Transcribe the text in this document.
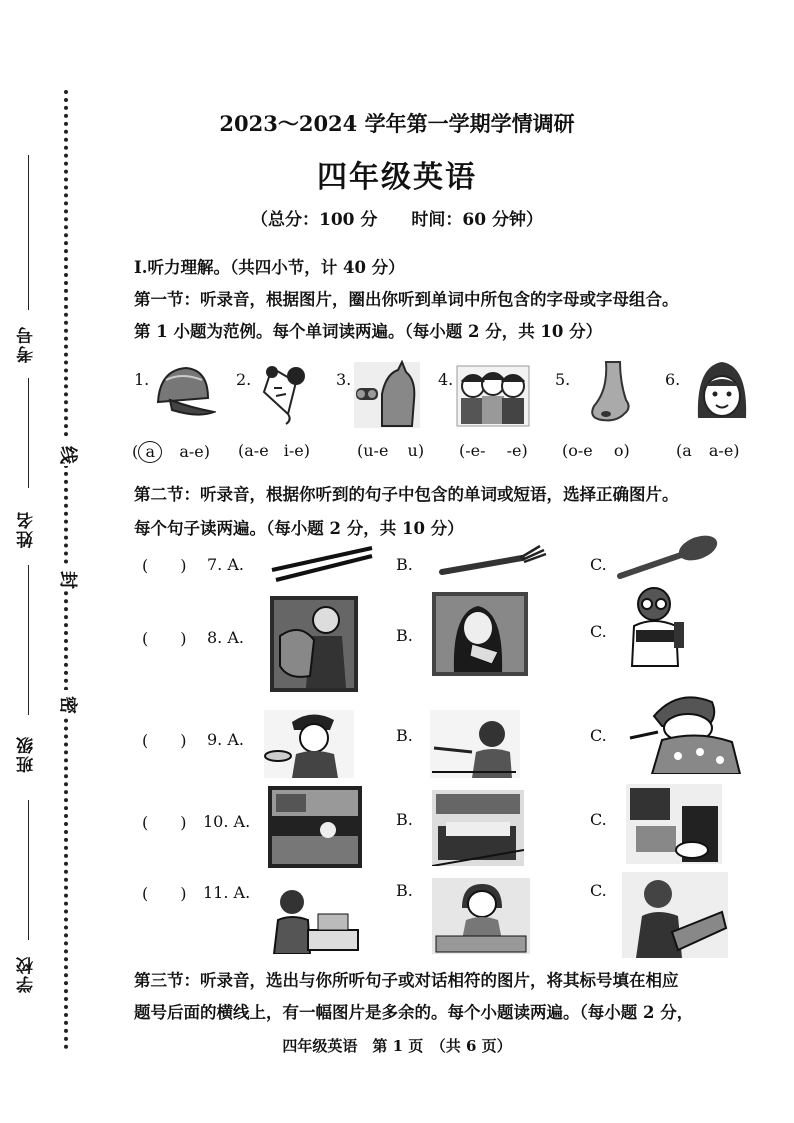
考号
姓名
班级
学校
线
封
密
2023～2024 学年第一学期学情调研
四年级英语
（总分：100 分　　时间：60 分钟）
Ⅰ.听力理解。（共四小节，计 40 分）
第一节：听录音，根据图片，圈出你听到单词中所包含的字母或字母组合。
第 1 小题为范例。每个单词读两遍。（每小题 2 分，共 10 分）
1.	2.	3.	4.	5.	6.
( a a-e) (a-e i-e)	(u-e u) (-e- -e) (o-e o)	(a a-e)
第二节：听录音，根据你听到的句子中包含的单词或短语，选择正确图片。
每个句子读两遍。（每小题 2 分，共 10 分）
(　　) 7. A.	B.	C.
(　　) 8. A.	B.	C.
(　　) 9. A.	B.	C.
(　　) 10. A.	B.	C.
(　　) 11. A.	B.	C.
第三节：听录音，选出与你所听句子或对话相符的图片，将其标号填在相应
题号后面的横线上，有一幅图片是多余的。每个小题读两遍。（每小题 2 分，
四年级英语　第 1 页　（共 6 页）
